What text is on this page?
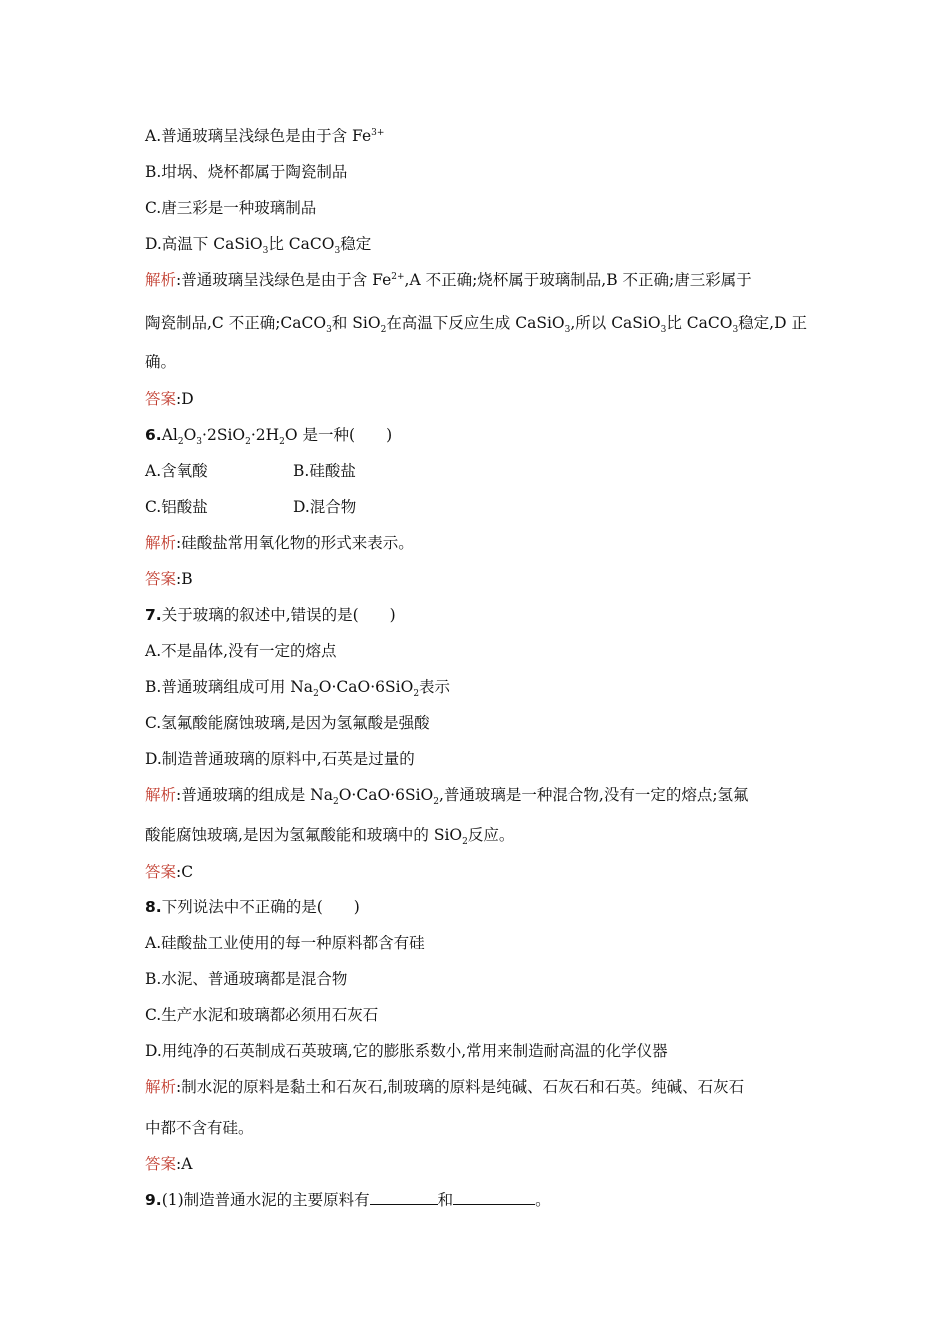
A.普通玻璃呈浅绿色是由于含 $Fe^{3+}$
B.坩埚、烧杯都属于陶瓷制品
C.唐三彩是一种玻璃制品
D.高温下 CaSiO$_3$比 CaCO$_3$稳定
解析:普通玻璃呈浅绿色是由于含 $Fe^{2+},A$ 不正确;烧杯属于玻璃制品,B 不正确;唐三彩属于
陶瓷制品,C 不正确;CaCO$_3$和 SiO$_2$在高温下反应生成 CaSiO$_3$,所以 CaSiO$_3$比 CaCO$_3$稳定,D 正
确。
答案:D
$6.Al_2O_3\cdot 2SiO_2\cdot 2H_2O$ 是一种(　　)
A.含氧酸	B.硅酸盐
C.铝酸盐	D.混合物
解析:硅酸盐常用氧化物的形式来表示。
答案:B
7.关于玻璃的叙述中,错误的是(　　)
A.不是晶体,没有一定的熔点
B.普通玻璃组成可用 $Na_2O\cdot CaO\cdot 6SiO_2$表示
C.氢氟酸能腐蚀玻璃,是因为氢氟酸是强酸
D.制造普通玻璃的原料中,石英是过量的
解析:普通玻璃的组成是 $Na_2O\cdot CaO\cdot 6SiO_2$,普通玻璃是一种混合物,没有一定的熔点;氢氟
酸能腐蚀玻璃,是因为氢氟酸能和玻璃中的 SiO$_2$反应。
答案:C
8.下列说法中不正确的是(　　)
A.硅酸盐工业使用的每一种原料都含有硅
B.水泥、普通玻璃都是混合物
C.生产水泥和玻璃都必须用石灰石
D.用纯净的石英制成石英玻璃,它的膨胀系数小,常用来制造耐高温的化学仪器
解析:制水泥的原料是黏土和石灰石,制玻璃的原料是纯碱、石灰石和石英。纯碱、石灰石
中都不含有硅。
答案:A
9.(1)制造普通水泥的主要原料有	和	。
